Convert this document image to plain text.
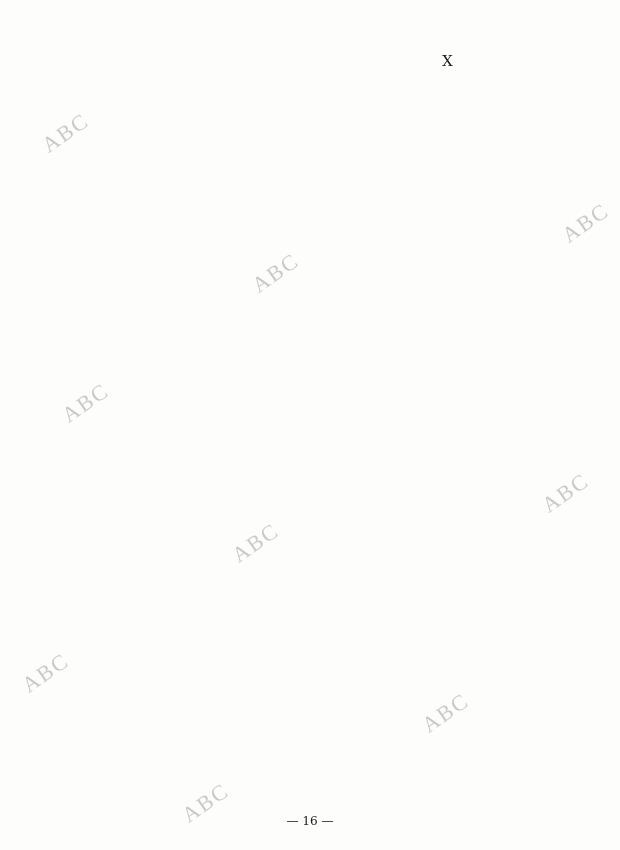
ABC
ABC
ABC
ABC
ABC
ABC
ABC
ABC
ABC
X
— 16 —
